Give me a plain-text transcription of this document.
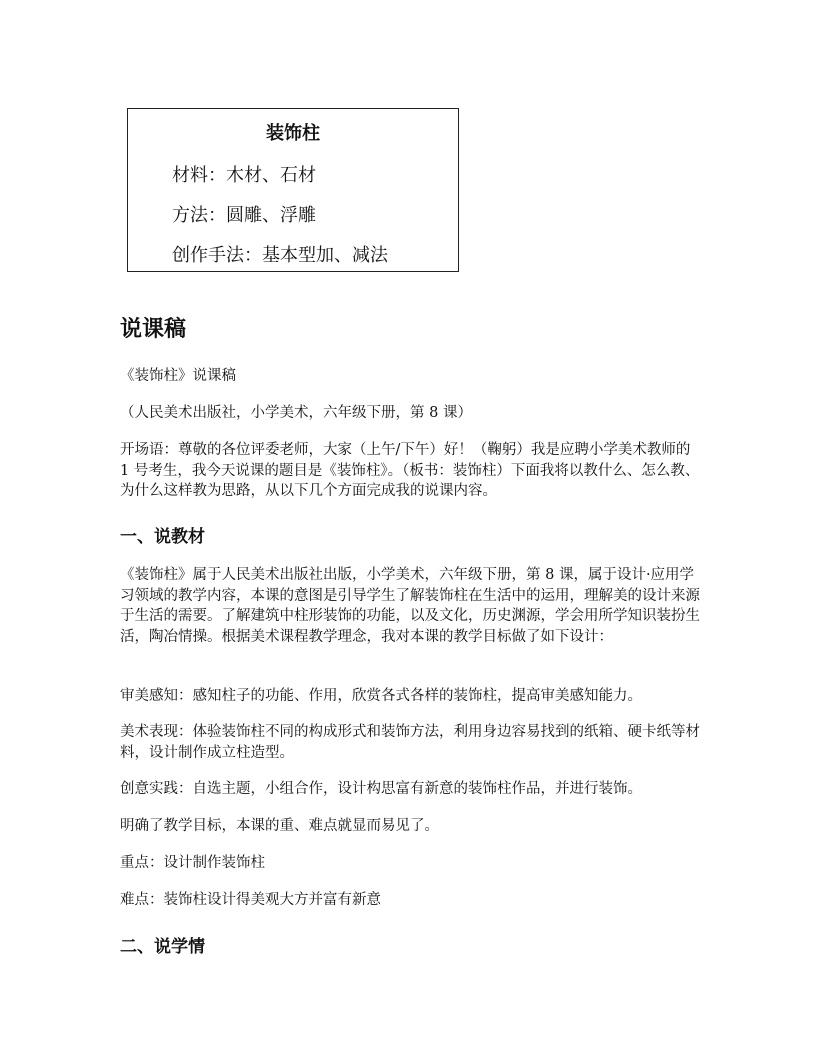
装饰柱
材料：木材、石材
方法：圆雕、浮雕
创作手法：基本型加、减法
说课稿
《装饰柱》说课稿
（人民美术出版社，小学美术，六年级下册，第 8 课）
开场语：尊敬的各位评委老师，大家（上午/下午）好！（鞠躬）我是应聘小学美术教师的 1 号考生，我今天说课的题目是《装饰柱》。（板书：装饰柱）下面我将以教什么、怎么教、为什么这样教为思路，从以下几个方面完成我的说课内容。
一、说教材
《装饰柱》属于人民美术出版社出版，小学美术，六年级下册，第 8 课，属于设计·应用学习领域的教学内容，本课的意图是引导学生了解装饰柱在生活中的运用，理解美的设计来源于生活的需要。了解建筑中柱形装饰的功能，以及文化，历史渊源，学会用所学知识装扮生活，陶冶情操。根据美术课程教学理念，我对本课的教学目标做了如下设计：
审美感知：感知柱子的功能、作用，欣赏各式各样的装饰柱，提高审美感知能力。
美术表现：体验装饰柱不同的构成形式和装饰方法，利用身边容易找到的纸箱、硬卡纸等材料，设计制作成立柱造型。
创意实践：自选主题，小组合作，设计构思富有新意的装饰柱作品，并进行装饰。
明确了教学目标，本课的重、难点就显而易见了。
重点：设计制作装饰柱
难点：装饰柱设计得美观大方并富有新意
二、说学情
